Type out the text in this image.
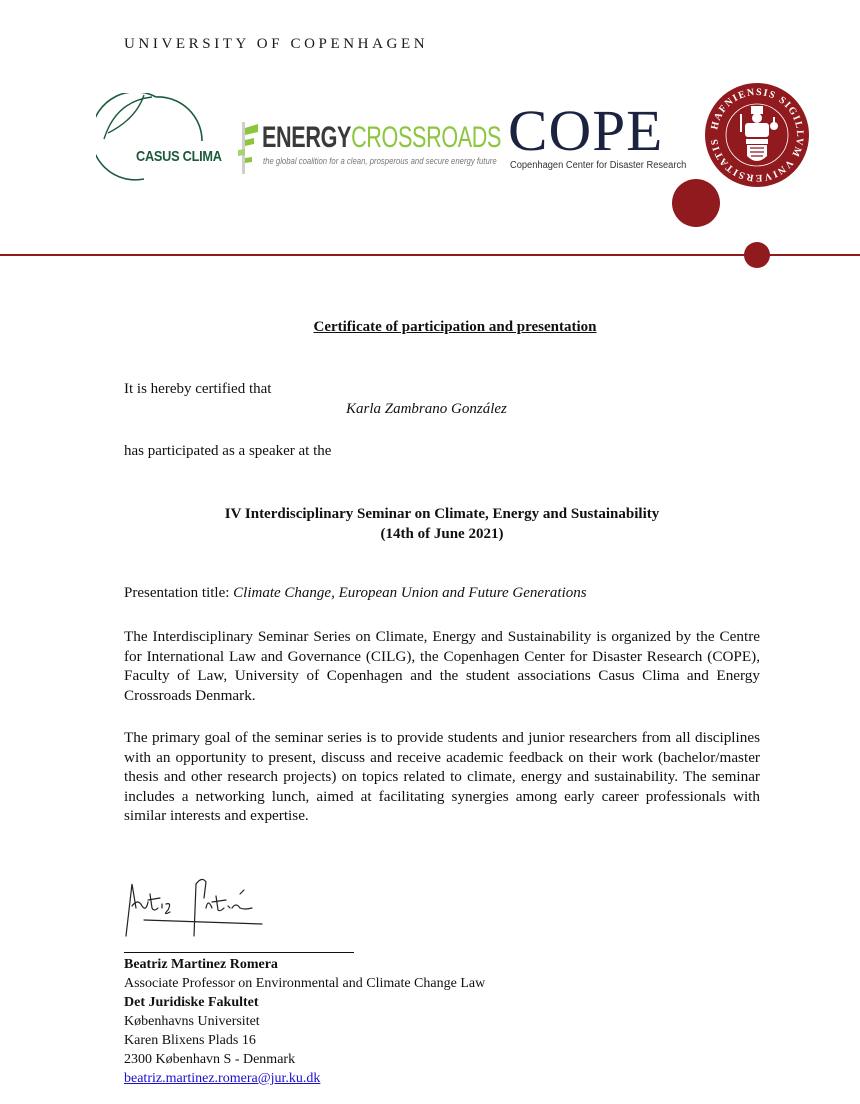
UNIVERSITY OF COPENHAGEN
CASUS CLIMA
ENERGYCROSSROADS
the global coalition for a clean, prosperous and secure energy future COPE
Copenhagen Center for Disaster Research
HAFNIENSIS SIGILLVM VNIVERSITATIS
Certificate of participation and presentation
It is hereby certified that
Karla Zambrano González
has participated as a speaker at the
IV Interdisciplinary Seminar on Climate, Energy and Sustainability
(14th of June 2021)
Presentation title: Climate Change, European Union and Future Generations
The Interdisciplinary Seminar Series on Climate, Energy and Sustainability is organized by the Centre for International Law and Governance (CILG), the Copenhagen Center for Disaster Research (COPE), Faculty of Law, University of Copenhagen and the student associations Casus Clima and Energy Crossroads Denmark.
The primary goal of the seminar series is to provide students and junior researchers from all disciplines with an opportunity to present, discuss and receive academic feedback on their work (bachelor/master thesis and other research projects) on topics related to climate, energy and sustainability. The seminar includes a networking lunch, aimed at facilitating synergies among early career professionals with similar interests and expertise.
Beatriz Martinez Romera
Associate Professor on Environmental and Climate Change Law
Det Juridiske Fakultet
Københavns Universitet
Karen Blixens Plads 16
2300 København S - Denmark
beatriz.martinez.romera@jur.ku.dk
